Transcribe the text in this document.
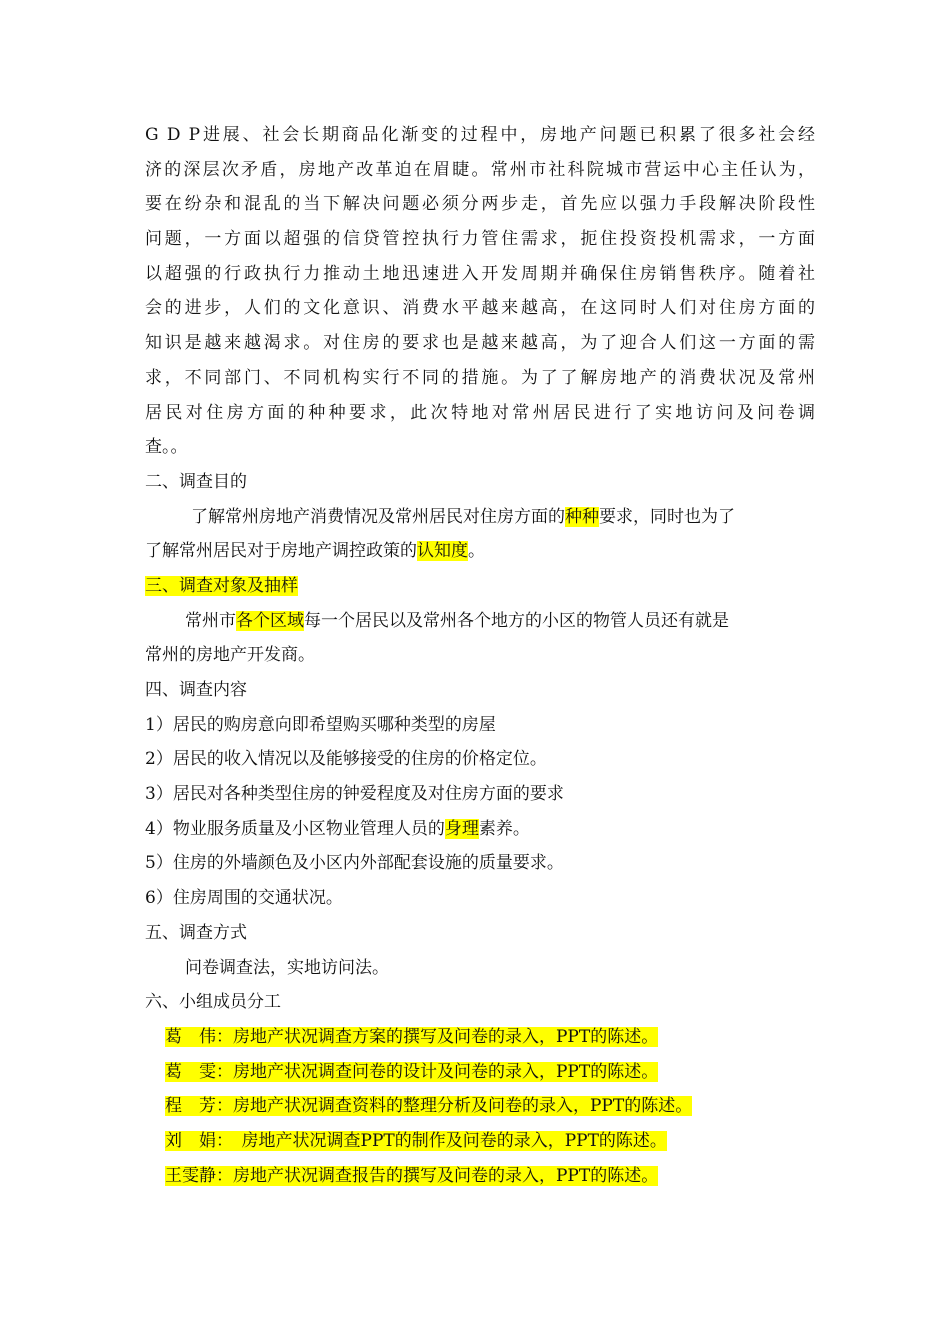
G D P进展、社会长期商品化渐变的过程中，房地产问题已积累了很多社会经
济的深层次矛盾，房地产改革迫在眉睫。常州市社科院城市营运中心主任认为，
要在纷杂和混乱的当下解决问题必须分两步走，首先应以强力手段解决阶段性
问题，一方面以超强的信贷管控执行力管住需求，扼住投资投机需求，一方面
以超强的行政执行力推动土地迅速进入开发周期并确保住房销售秩序。随着社
会的进步，人们的文化意识、消费水平越来越高，在这同时人们对住房方面的
知识是越来越渴求。对住房的要求也是越来越高，为了迎合人们这一方面的需
求，不同部门、不同机构实行不同的措施。为了了解房地产的消费状况及常州
居民对住房方面的种种要求，此次特地对常州居民进行了实地访问及问卷调
查。。
二、调查目的
了解常州房地产消费情况及常州居民对住房方面的种种要求，同时也为了
了解常州居民对于房地产调控政策的认知度。
三、调查对象及抽样
常州市各个区域每一个居民以及常州各个地方的小区的物管人员还有就是
常州的房地产开发商。
四、调查内容
1）居民的购房意向即希望购买哪种类型的房屋
2）居民的收入情况以及能够接受的住房的价格定位。
3）居民对各种类型住房的钟爱程度及对住房方面的要求
4）物业服务质量及小区物业管理人员的身理素养。
5）住房的外墙颜色及小区内外部配套设施的质量要求。
6）住房周围的交通状况。
五、调查方式
问卷调查法，实地访问法。
六、小组成员分工
葛　伟：房地产状况调查方案的撰写及问卷的录入，PPT的陈述。
葛　雯：房地产状况调查问卷的设计及问卷的录入，PPT的陈述。
程　芳：房地产状况调查资料的整理分析及问卷的录入，PPT的陈述。
刘　娟：　房地产状况调查PPT的制作及问卷的录入，PPT的陈述。
王雯静：房地产状况调查报告的撰写及问卷的录入，PPT的陈述。
